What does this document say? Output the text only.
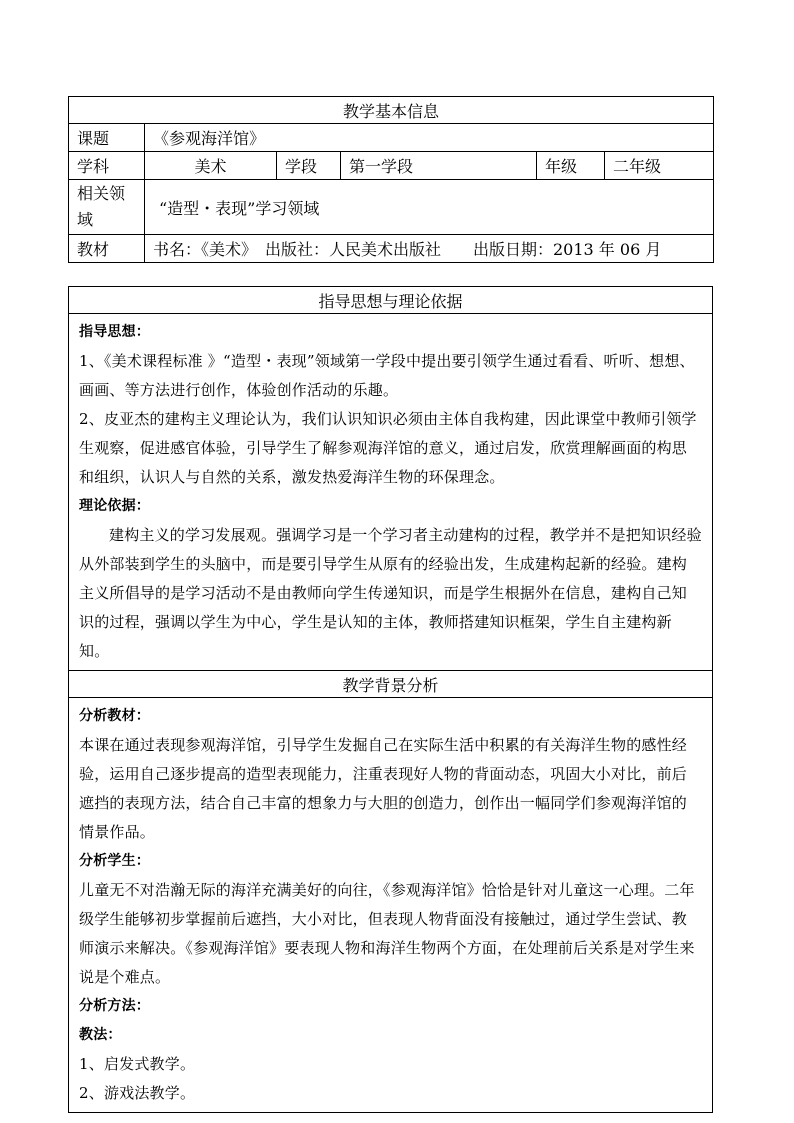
教学基本信息					
课题	《参观海洋馆》				
学科	美术	学段	第一学段	年级	二年级
相关领域	“造型・表现”学习领域				
教材	书名：《美术》　出版社：人民美术出版社　　出版日期：2013 年 06 月				
指导思想与理论依据

指导思想：

1、《美术课程标准 》“造型・表现”领域第一学段中提出要引领学生通过看看、听听、想想、画画、等方法进行创作，体验创作活动的乐趣。

2、皮亚杰的建构主义理论认为，我们认识知识必须由主体自我构建，因此课堂中教师引领学生观察，促进感官体验，引导学生了解参观海洋馆的意义，通过启发，欣赏理解画面的构思和组织，认识人与自然的关系，激发热爱海洋生物的环保理念。

理论依据：

建构主义的学习发展观。强调学习是一个学习者主动建构的过程，教学并不是把知识经验从外部装到学生的头脑中，而是要引导学生从原有的经验出发，生成建构起新的经验。建构主义所倡导的是学习活动不是由教师向学生传递知识，而是学生根据外在信息，建构自己知识的过程，强调以学生为中心，学生是认知的主体，教师搭建知识框架，学生自主建构新知。

教学背景分析

分析教材：

本课在通过表现参观海洋馆，引导学生发掘自己在实际生活中积累的有关海洋生物的感性经验，运用自己逐步提高的造型表现能力，注重表现好人物的背面动态，巩固大小对比，前后遮挡的表现方法，结合自己丰富的想象力与大胆的创造力，创作出一幅同学们参观海洋馆的情景作品。

分析学生：

儿童无不对浩瀚无际的海洋充满美好的向往，《参观海洋馆》恰恰是针对儿童这一心理。二年级学生能够初步掌握前后遮挡，大小对比，但表现人物背面没有接触过，通过学生尝试、教师演示来解决。《参观海洋馆》要表现人物和海洋生物两个方面，在处理前后关系是对学生来说是个难点。

分析方法：

教法：

1、启发式教学。

2、游戏法教学。
